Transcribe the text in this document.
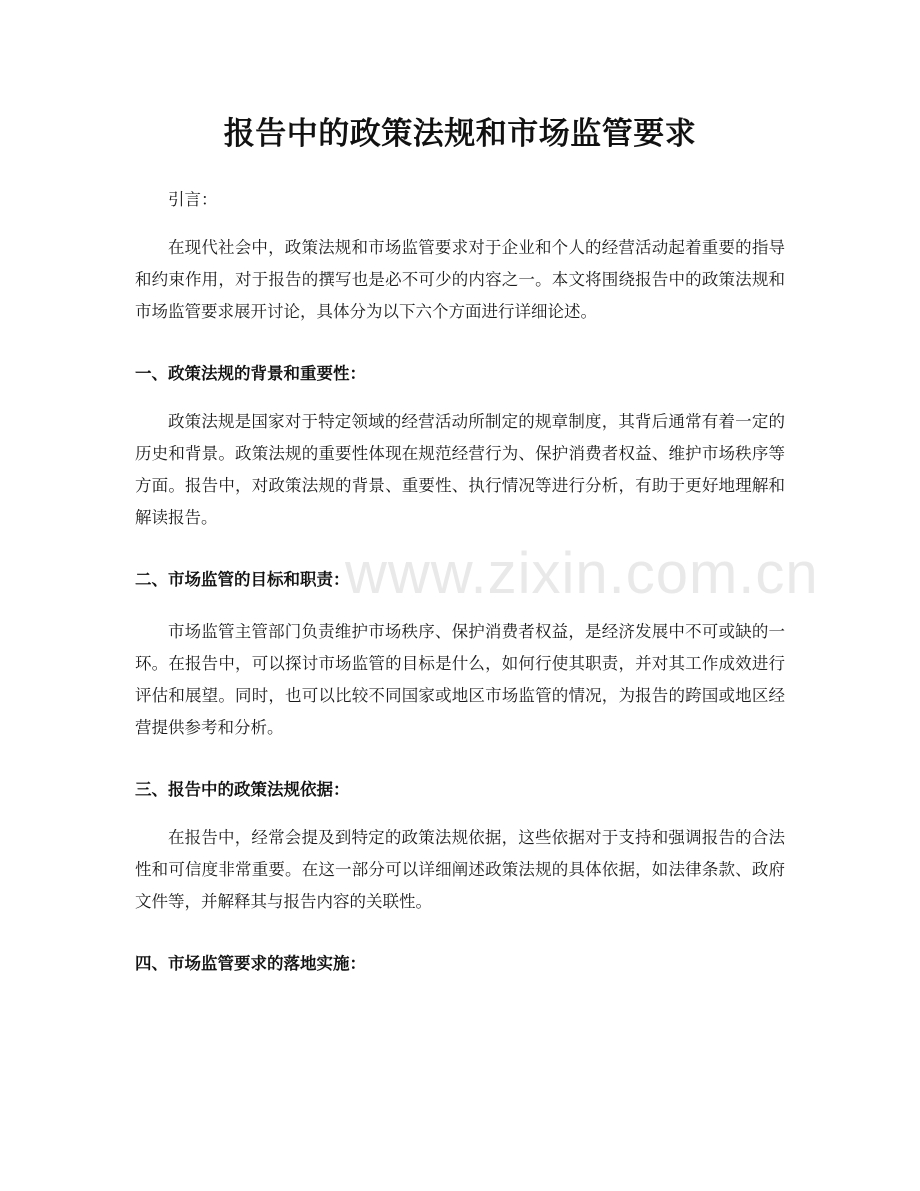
报告中的政策法规和市场监管要求
引言：
在现代社会中，政策法规和市场监管要求对于企业和个人的经营活动起着重要的指导和约束作用，对于报告的撰写也是必不可少的内容之一。本文将围绕报告中的政策法规和市场监管要求展开讨论，具体分为以下六个方面进行详细论述。
一、政策法规的背景和重要性：
政策法规是国家对于特定领域的经营活动所制定的规章制度，其背后通常有着一定的历史和背景。政策法规的重要性体现在规范经营行为、保护消费者权益、维护市场秩序等方面。报告中，对政策法规的背景、重要性、执行情况等进行分析，有助于更好地理解和解读报告。
二、市场监管的目标和职责：
市场监管主管部门负责维护市场秩序、保护消费者权益，是经济发展中不可或缺的一环。在报告中，可以探讨市场监管的目标是什么，如何行使其职责，并对其工作成效进行评估和展望。同时，也可以比较不同国家或地区市场监管的情况，为报告的跨国或地区经营提供参考和分析。
三、报告中的政策法规依据：
在报告中，经常会提及到特定的政策法规依据，这些依据对于支持和强调报告的合法性和可信度非常重要。在这一部分可以详细阐述政策法规的具体依据，如法律条款、政府文件等，并解释其与报告内容的关联性。
四、市场监管要求的落地实施：
www.zixin.com.cn
